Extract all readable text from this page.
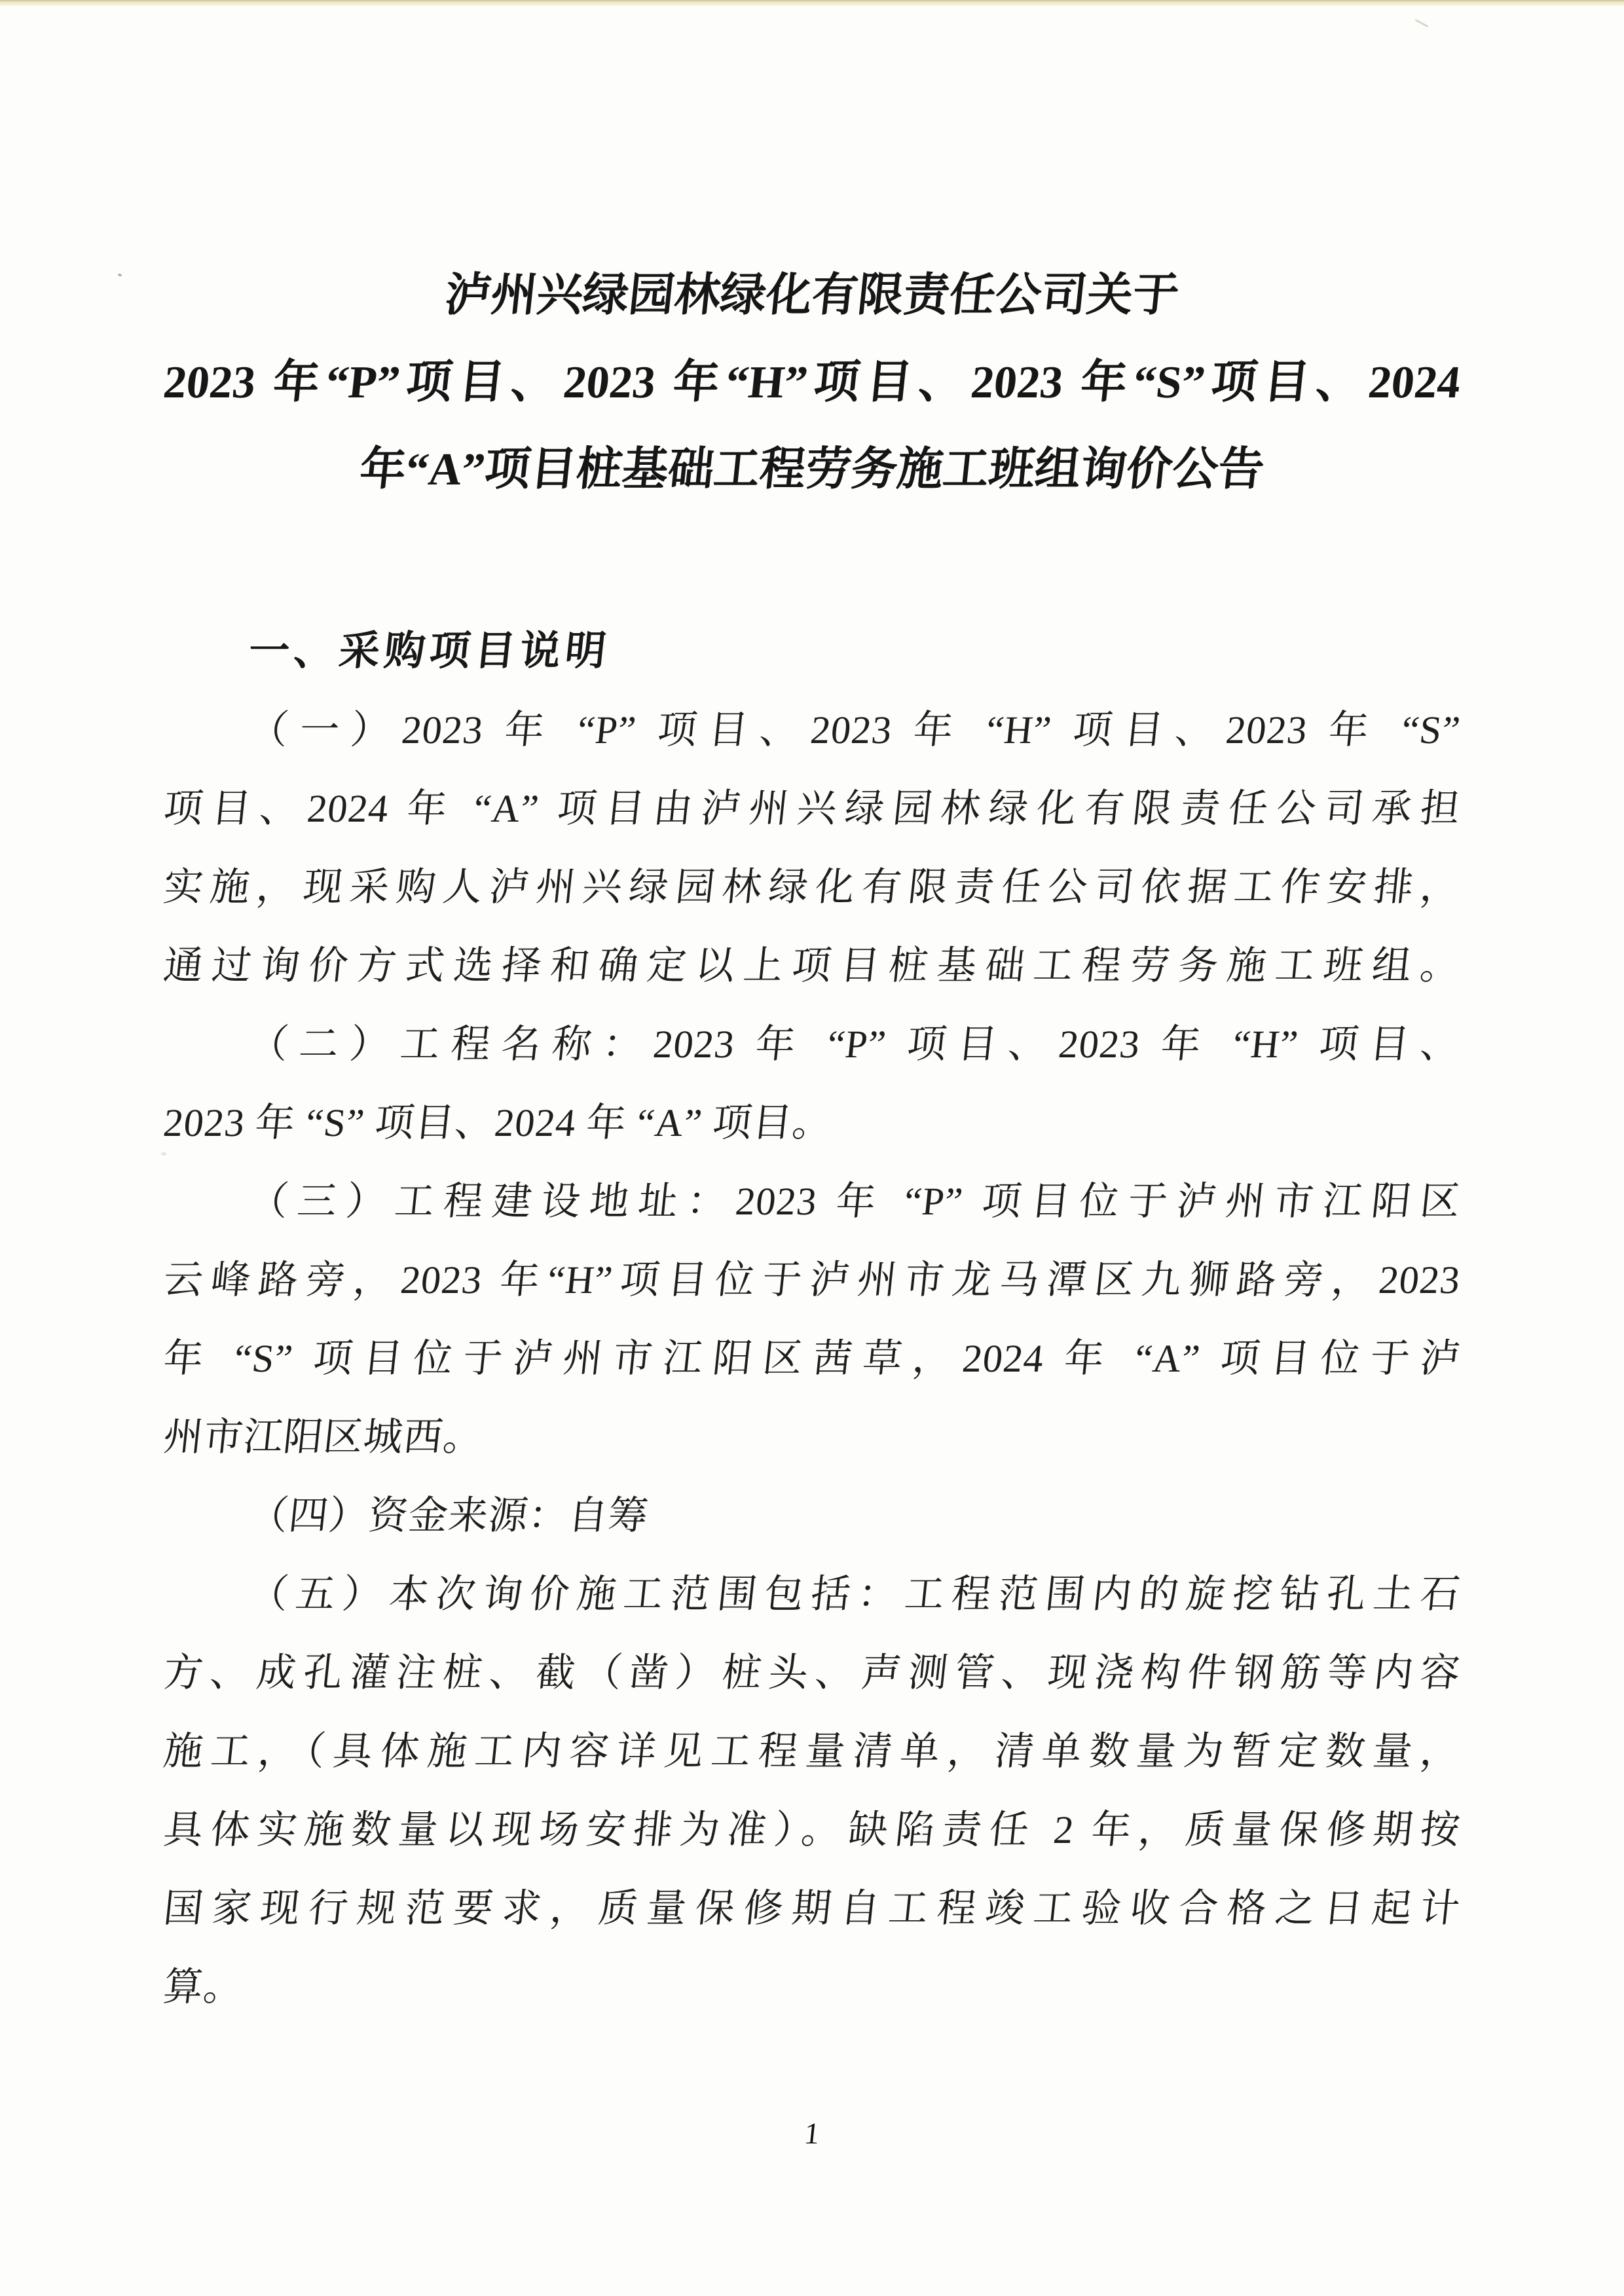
泸州兴绿园林绿化有限责任公司关于
2023 年“P”项目、2023 年“H”项目、2023 年“S”项目、2024
年“A”项目桩基础工程劳务施工班组询价公告
一、采购项目说明
（一）2023 年 “P” 项目、2023 年 “H” 项目、2023 年 “S”
项目、2024 年 “A” 项目由泸州兴绿园林绿化有限责任公司承担
实施，现采购人泸州兴绿园林绿化有限责任公司依据工作安排，
通过询价方式选择和确定以上项目桩基础工程劳务施工班组。
（二）工程名称：2023 年 “P” 项目、2023 年 “H” 项目、
2023 年 “S” 项目、2024 年 “A” 项目。
（三）工程建设地址：2023 年 “P” 项目位于泸州市江阳区
云峰路旁，2023 年“H”项目位于泸州市龙马潭区九狮路旁，2023
年 “S” 项目位于泸州市江阳区茜草，2024 年 “A” 项目位于泸
州市江阳区城西。
（四）资金来源：自筹
（五）本次询价施工范围包括：工程范围内的旋挖钻孔土石
方、成孔灌注桩、截（凿）桩头、声测管、现浇构件钢筋等内容
施工，（具体施工内容详见工程量清单，清单数量为暂定数量，
具体实施数量以现场安排为准）。缺陷责任 2 年，质量保修期按
国家现行规范要求，质量保修期自工程竣工验收合格之日起计
算。
1
